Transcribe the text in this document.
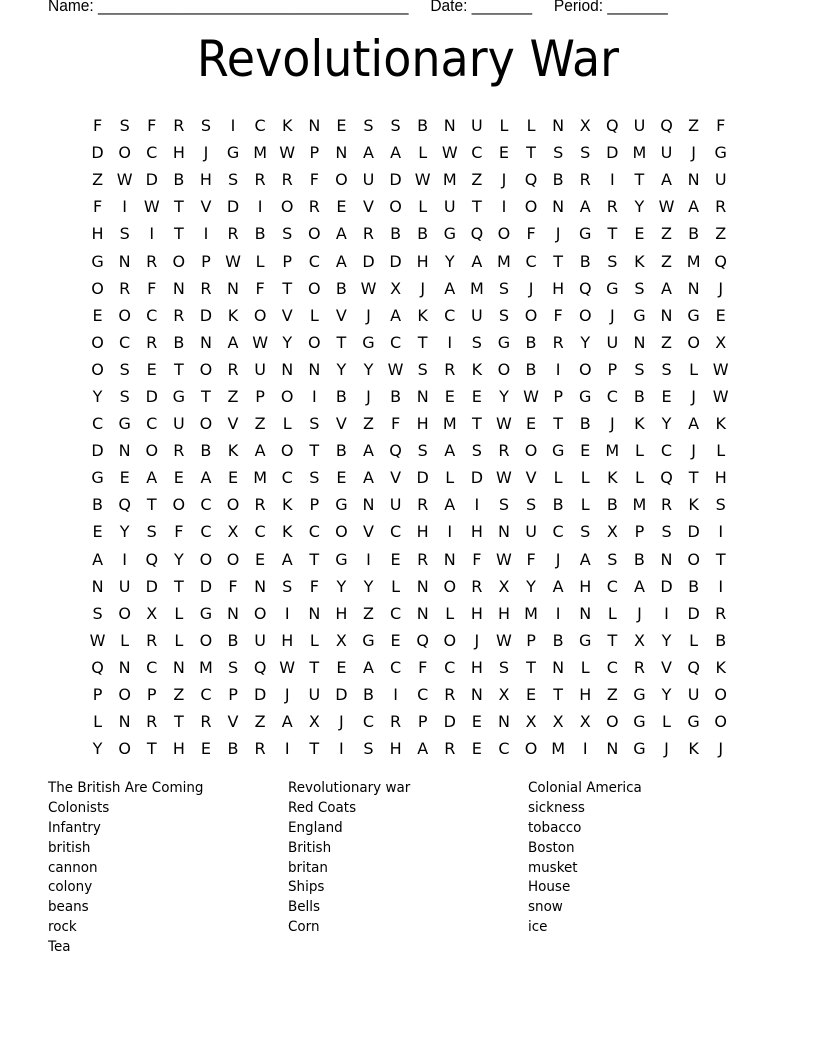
Name: ____________________________________ Date: _______ Period: _______
Revolutionary War
F	S	F	R	S	I	C	K N	E	S	S	B N U	L	L	N X Q U Q Z	F
D O C H	J	G M W P	N A	A	L W C	E	T	S	S D M U	J	G
Z W D B H	S	R R	F	O U D W M Z	J	Q B	R	I	T	A N U
F	I	W T	V D	I	O R	E	V O	L	U	T	I	O N A	R	Y W A	R
H	S	I	T	I	R	B	S O A	R	B	B G Q O	F	J	G	T	E	Z	B	Z
G N R O P W L	P	C	A D D H	Y	A M C	T	B	S	K	Z M Q
O R	F	N R N	F	T O B W X	J	A M S	J	H Q G S	A N	J
E O C R D K O V	L	V	J	A	K	C U	S O	F	O	J	G N G E
O C R	B N A W Y O T	G C	T	I	S G B	R	Y	U N Z O X
O S	E	T O R U N N	Y	Y W S	R	K O B	I	O P	S	S	L W
Y	S D G	T	Z	P O	I	B	J	B N	E	E	Y W P	G C	B	E	J	W
C G C U O V	Z	L	S	V	Z	F	H M T W E	T	B	J	K	Y	A	K
D N O R	B	K	A O T	B	A Q S	A	S	R O G E M L	C	J	L
G E	A	E	A	E M C	S	E	A	V D	L	D W V	L	L	K	L	Q T	H
B Q T O C O R	K	P	G N U R	A	I	S	S	B	L	B M R	K	S
E	Y	S	F	C	X	C	K	C O V	C H	I	H N U C	S	X	P	S D	I
A	I	Q Y O O E	A	T	G	I	E	R N	F W F	J	A	S	B N O T
N U D	T	D	F	N	S	F	Y	Y	L	N O R	X	Y	A H C	A D B	I
S O X	L	G N O	I	N H Z	C N	L	H H M	I	N	L	J	I	D R
W L	R	L	O B U H	L	X G E Q O	J	W P	B G	T	X	Y	L	B
Q N C N M S Q W T	E	A	C	F	C H	S	T	N	L	C R	V Q K
P O P	Z	C	P	D	J	U D B	I	C R N X	E	T	H Z G	Y	U O
L	N R	T	R	V	Z	A	X	J	C R	P	D E	N X	X	X O G	L	G O
Y O T	H	E	B	R	I	T	I	S	H A	R	E	C O M	I	N G	J	K	J
The British Are Coming
Colonists
Infantry
british
cannon
colony
beans
rock
Tea
Revolutionary war
Red Coats
England
British
britan
Ships
Bells
Corn
Colonial America
sickness
tobacco
Boston
musket
House
snow
ice
